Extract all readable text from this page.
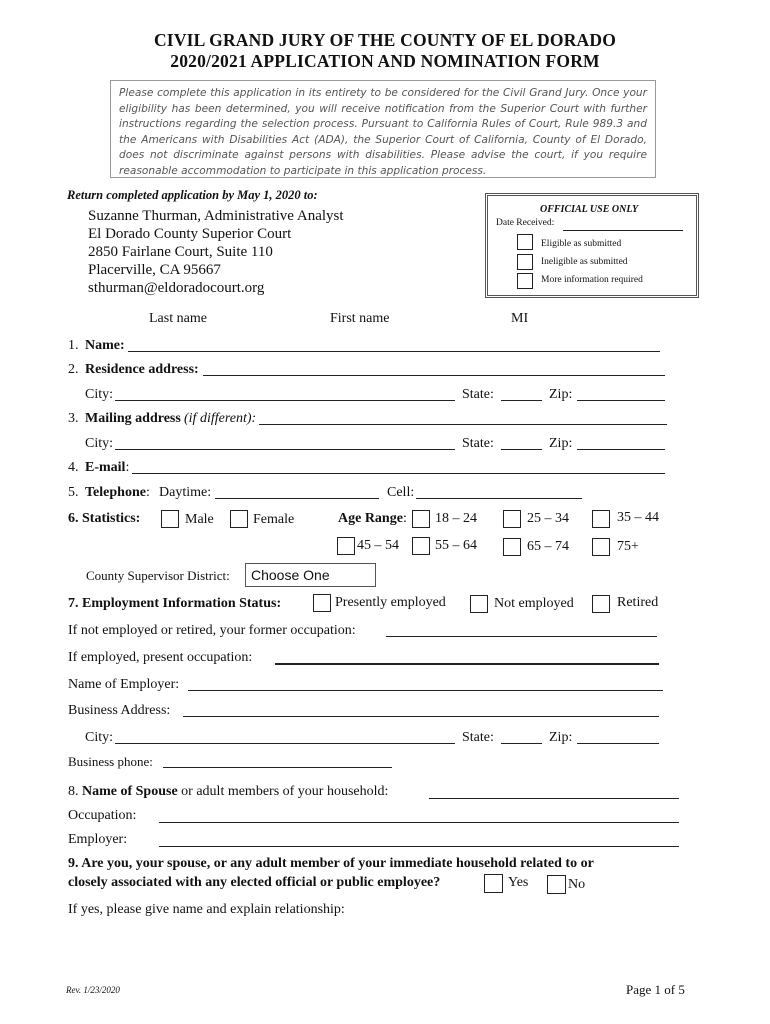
CIVIL GRAND JURY OF THE COUNTY OF EL DORADO
2020/2021 APPLICATION AND NOMINATION FORM
Please complete this application in its entirety to be considered for the Civil Grand Jury. Once your eligibility has been determined, you will receive notification from the Superior Court with further instructions regarding the selection process. Pursuant to California Rules of Court, Rule 989.3 and the Americans with Disabilities Act (ADA), the Superior Court of California, County of El Dorado, does not discriminate against persons with disabilities. Please advise the court, if you require reasonable accommodation to participate in this application process.
Return completed application by May 1, 2020 to:
Suzanne Thurman, Administrative Analyst
El Dorado County Superior Court
2850 Fairlane Court, Suite 110
Placerville, CA 95667
sthurman@eldoradocourt.org
OFFICIAL USE ONLY
Date Received:
Eligible as submitted
Ineligible as submitted
More information required
Last name	First name	MI
1. Name:
2. Residence address:
City:	State:	Zip:
3. Mailing address (if different):
City:	State:	Zip:
4. E-mail:
5. Telephone: Daytime:	Cell:
6. Statistics:	Male	Female	Age Range: 18 – 24	25 – 34	35 – 44
45 – 54	55 – 64	65 – 74	75+
County Supervisor District:	Choose One
7. Employment Information Status:	Presently employed	Not employed	Retired
If not employed or retired, your former occupation:
If employed, present occupation:
Name of Employer:
Business Address:
City:	State:	Zip:
Business phone:
8. Name of Spouse or adult members of your household:
Occupation:
Employer:
9. Are you, your spouse, or any adult member of your immediate household related to or
closely associated with any elected official or public employee?	Yes	No
If yes, please give name and explain relationship:
Rev. 1/23/2020	Page 1 of 5
